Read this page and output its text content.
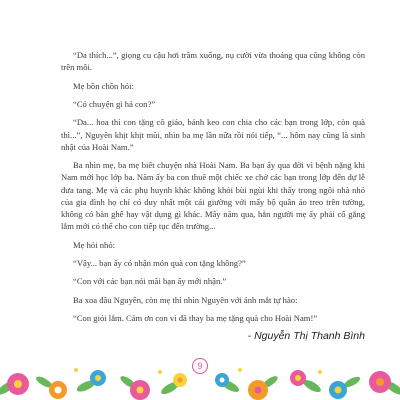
“Da thích...”, giọng cu cậu hơi trầm xuống, nụ cười vừa thoáng qua cũng không còn trên môi.

Mẹ bồn chồn hỏi:

“Có chuyện gì hả con?”

“Da... hoa thì con tặng cô giáo, bánh keo con chia cho các bạn trong lớp, còn quà thì...”, Nguyên khịt khịt mũi, nhìn ba mẹ lần nữa rồi nói tiếp, “... hôm nay cũng là sinh nhật của Hoài Nam.”

Ba nhìn mẹ, ba mẹ biết chuyện nhà Hoài Nam. Ba bạn ấy qua đời vì bệnh nặng khi Nam mới học lớp ba. Năm ấy ba con thuê một chiếc xe chở các bạn trong lớp đến dự lễ đưa tang. Mẹ và các phụ huynh khác không khỏi bùi ngùi khi thấy trong ngôi nhà nhỏ của gia đình họ chỉ có duy nhất một cái giường với mấy bộ quần áo treo trên tường, không có bàn ghế hay vật dụng gì khác. Mấy năm qua, hẳn người mẹ ấy phải cố gắng lắm mới có thể cho con tiếp tục đến trường...

Mẹ hỏi nhỏ:

“Vậy... bạn ấy có nhận món quà con tặng không?”

“Con với các bạn nói mãi bạn ấy mới nhận.”

Ba xoa đầu Nguyên, còn mẹ thì nhìn Nguyên với ánh mắt tự hào:

“Con giỏi lắm. Cảm ơn con vì đã thay ba mẹ tặng quà cho Hoài Nam!”

- Nguyễn Thị Thanh Bình

9
